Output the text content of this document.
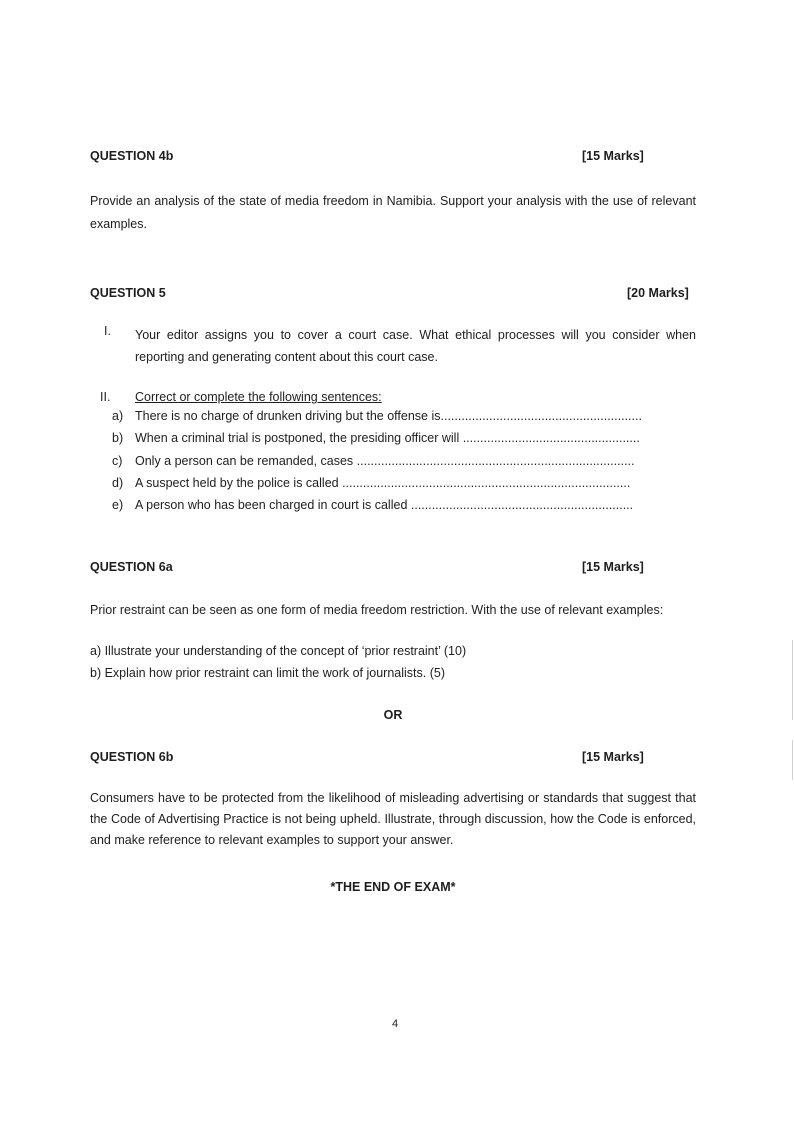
QUESTION 4b	[15 Marks]
Provide an analysis of the state of media freedom in Namibia. Support your analysis with the use of relevant examples.
QUESTION 5	[20 Marks]
I.	Your editor assigns you to cover a court case. What ethical processes will you consider when reporting and generating content about this court case.
II.	Correct or complete the following sentences:
a) There is no charge of drunken driving but the offense is..........................................................
b) When a criminal trial is postponed, the presiding officer will ...................................................
c)	Only a person can be remanded, cases ................................................................................
d) A suspect held by the police is called ...................................................................................
e) A person who has been charged in court is called ................................................................
QUESTION 6a	[15 Marks]
Prior restraint can be seen as one form of media freedom restriction. With the use of relevant examples:
a) Illustrate your understanding of the concept of ‘prior restraint’ (10)
b) Explain how prior restraint can limit the work of journalists. (5)
OR
QUESTION 6b	[15 Marks]
Consumers have to be protected from the likelihood of misleading advertising or standards that suggest that the Code of Advertising Practice is not being upheld. Illustrate, through discussion, how the Code is enforced, and make reference to relevant examples to support your answer.
*THE END OF EXAM*
4
